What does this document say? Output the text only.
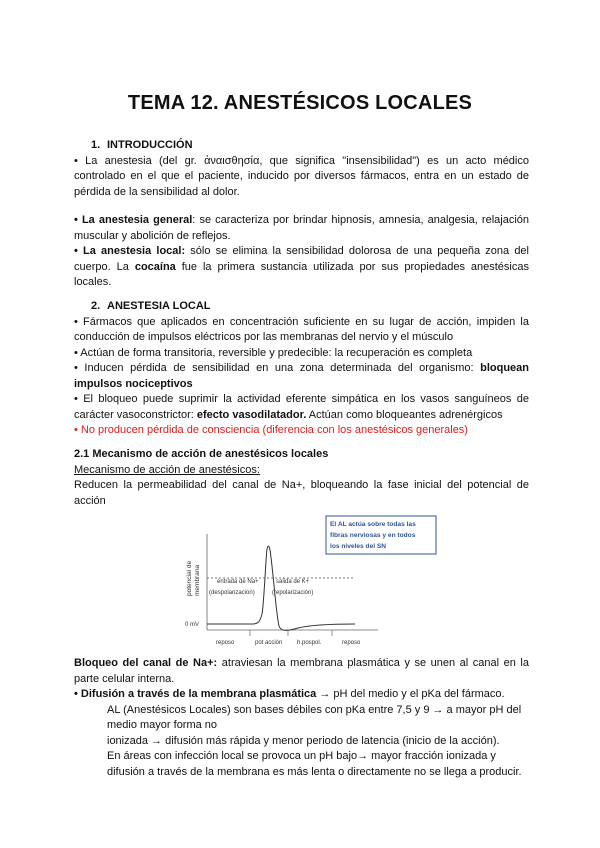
TEMA 12. ANESTÉSICOS LOCALES

1. INTRODUCCIÓN

• La anestesia (del gr. ἀναισθησία, que significa "insensibilidad") es un acto médico controlado en el que el paciente, inducido por diversos fármacos, entra en un estado de pérdida de la sensibilidad al dolor.

• La anestesia general: se caracteriza por brindar hipnosis, amnesia, analgesia, relajación muscular y abolición de reflejos.

• La anestesia local: sólo se elimina la sensibilidad dolorosa de una pequeña zona del cuerpo. La cocaína fue la primera sustancia utilizada por sus propiedades anestésicas locales.

2. ANESTESIA LOCAL

• Fármacos que aplicados en concentración suficiente en su lugar de acción, impiden la conducción de impulsos eléctricos por las membranas del nervio y el músculo

• Actúan de forma transitoria, reversible y predecible: la recuperación es completa

• Inducen pérdida de sensibilidad en una zona determinada del organismo: bloquean impulsos nociceptivos

• El bloqueo puede suprimir la actividad eferente simpática en los vasos sanguíneos de carácter vasoconstrictor: efecto vasodilatador. Actúan como bloqueantes adrenérgicos

• No producen pérdida de consciencia (diferencia con los anestésicos generales)

2.1 Mecanismo de acción de anestésicos locales

Mecanismo de acción de anestésicos:

Reducen la permeabilidad del canal de Na+, bloqueando la fase inicial del potencial de acción

potencial de membrana	entrada de Na+
(despolarización)
salida de K+
(repolarización)
0 mV
reposo	pot acción h.pospol.	reposo
El AL actúa sobre todas las
fibras nerviosas y en todos
los niveles del SN

Bloqueo del canal de Na+: atraviesan la membrana plasmática y se unen al canal en la parte celular interna.

• Difusión a través de la membrana plasmática → pH del medio y el pKa del fármaco.

AL (Anestésicos Locales) son bases débiles con pKa entre 7,5 y 9 → a mayor pH del medio mayor forma no

ionizada → difusión más rápida y menor periodo de latencia (inicio de la acción).

En áreas con infección local se provoca un pH bajo→ mayor fracción ionizada y difusión a través de la membrana es más lenta o directamente no se llega a producir.
